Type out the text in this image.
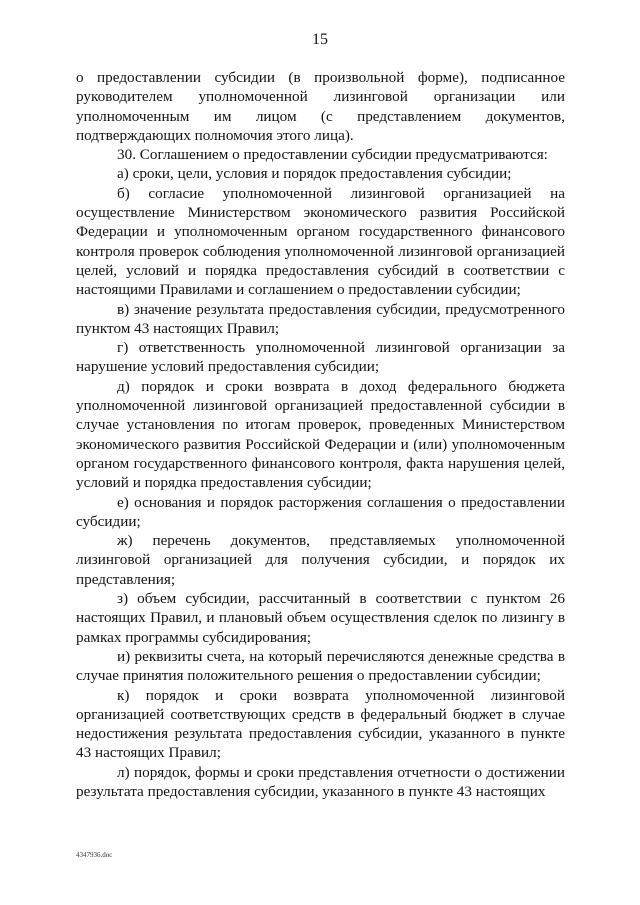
15

о предоставлении субсидии (в произвольной форме), подписанное руководителем уполномоченной лизинговой организации или уполномоченным им лицом (с представлением документов, подтверждающих полномочия этого лица).

30. Соглашением о предоставлении субсидии предусматриваются:

а) сроки, цели, условия и порядок предоставления субсидии;

б) согласие уполномоченной лизинговой организацией на осуществление Министерством экономического развития Российской Федерации и уполномоченным органом государственного финансового контроля проверок соблюдения уполномоченной лизинговой организацией целей, условий и порядка предоставления субсидий в соответствии с настоящими Правилами и соглашением о предоставлении субсидии;

в) значение результата предоставления субсидии, предусмотренного пунктом 43 настоящих Правил;

г) ответственность уполномоченной лизинговой организации за нарушение условий предоставления субсидии;

д) порядок и сроки возврата в доход федерального бюджета уполномоченной лизинговой организацией предоставленной субсидии в случае установления по итогам проверок, проведенных Министерством экономического развития Российской Федерации и (или) уполномоченным органом государственного финансового контроля, факта нарушения целей, условий и порядка предоставления субсидии;

е) основания и порядок расторжения соглашения о предоставлении субсидии;

ж) перечень документов, представляемых уполномоченной лизинговой организацией для получения субсидии, и порядок их представления;

з) объем субсидии, рассчитанный в соответствии с пунктом 26 настоящих Правил, и плановый объем осуществления сделок по лизингу в рамках программы субсидирования;

и) реквизиты счета, на который перечисляются денежные средства в случае принятия положительного решения о предоставлении субсидии;

к) порядок и сроки возврата уполномоченной лизинговой организацией соответствующих средств в федеральный бюджет в случае недостижения результата предоставления субсидии, указанного в пункте 43 настоящих Правил;

л) порядок, формы и сроки представления отчетности о достижении результата предоставления субсидии, указанного в пункте 43 настоящих

4347936.doc
